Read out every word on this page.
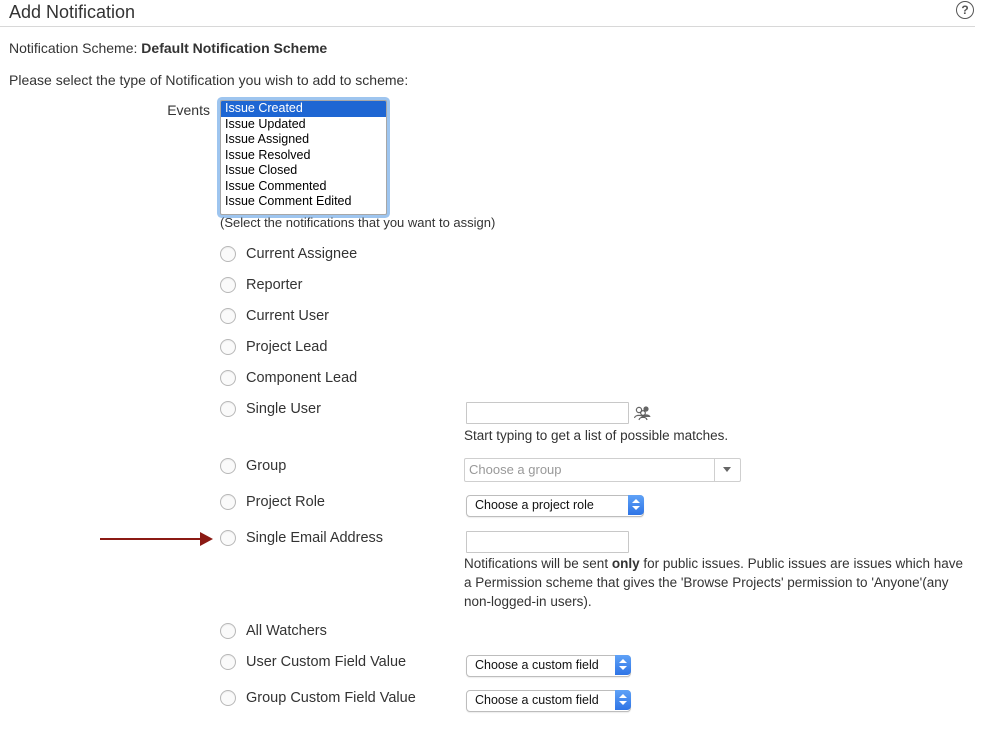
Add Notification	?
Notification Scheme: Default Notification Scheme
Please select the type of Notification you wish to add to scheme:
Events	Issue Created
Issue Updated
Issue Assigned
Issue Resolved
Issue Closed
Issue Commented
Issue Comment Edited
(Select the notifications that you want to assign)
Current Assignee
Reporter
Current User
Project Lead
Component Lead
Single User
Start typing to get a list of possible matches.
Group	Choose a group
Project Role	Choose a project role
Single Email Address
Notifications will be sent only for public issues. Public issues are issues which have a Permission scheme that gives the 'Browse Projects' permission to 'Anyone'(any non-logged-in users).
All Watchers
User Custom Field Value	Choose a custom field
Group Custom Field Value	Choose a custom field
